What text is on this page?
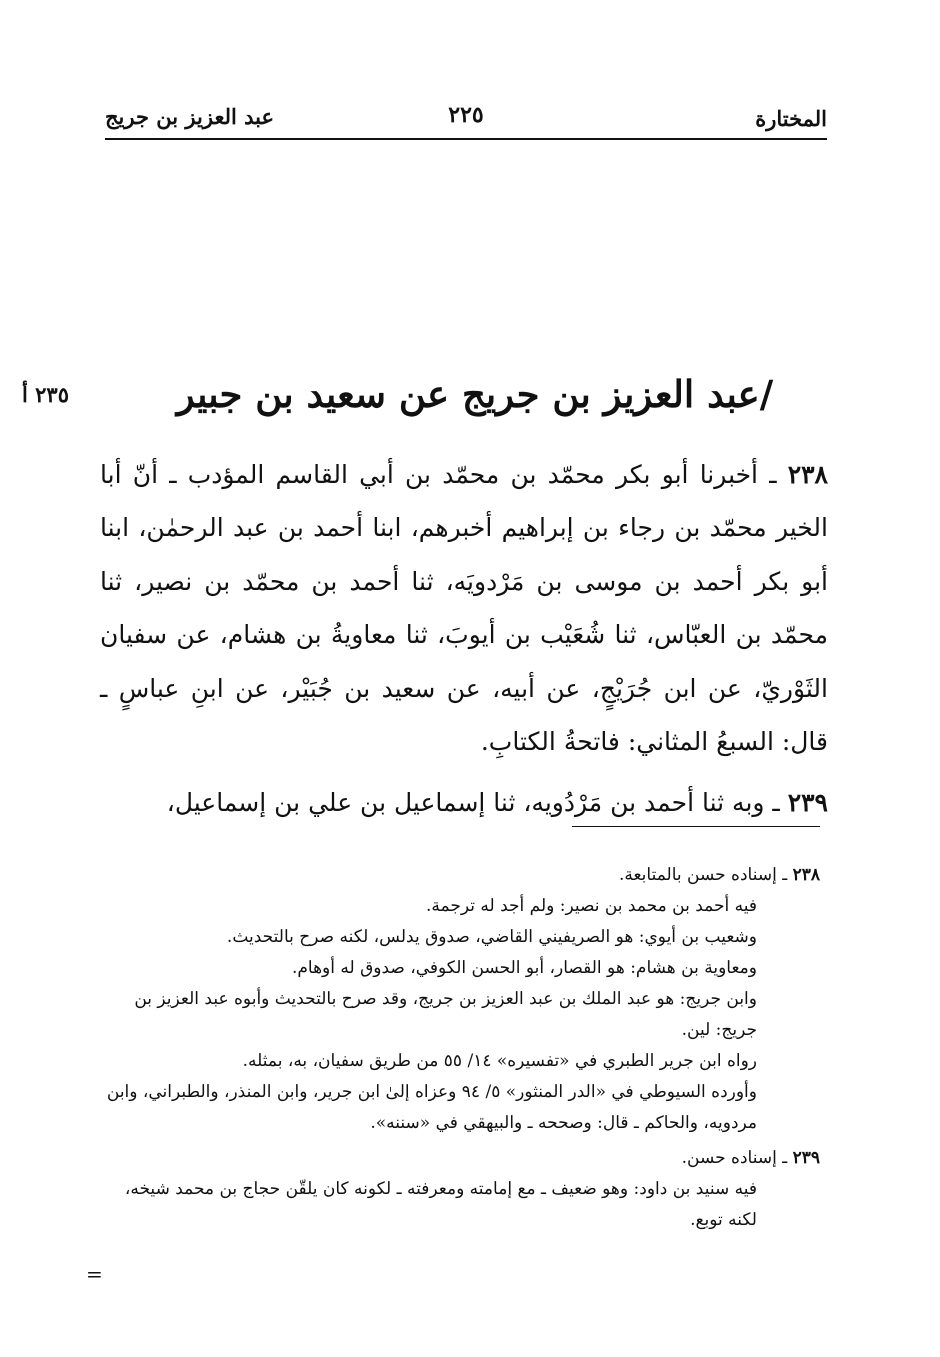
المختارة
٢٢٥
عبد العزيز بن جريج
٢٣٥ أ	/عبد العزيز بن جريج عن سعيد بن جبير

٢٣٨ ـ أخبرنا أبو بكر محمّد بن محمّد بن أبي القاسم المؤدب ـ أنّ أبا الخير محمّد بن رجاء بن إبراهيم أخبرهم، ابنا أحمد بن عبد الرحمٰن، ابنا أبو بكر أحمد بن موسى بن مَرْدويَه، ثنا أحمد بن محمّد بن نصير، ثنا محمّد بن العبّاس، ثنا شُعَيْب بن أيوبَ، ثنا معاويةُ بن هشام، عن سفيان الثَوْريّ، عن ابن جُرَيْجٍ، عن أبيه، عن سعيد بن جُبَيْر، عن ابنِ عباسٍ ـ قال: السبعُ المثاني: فاتحةُ الكتابِ.

٢٣٩ ـ وبه ثنا أحمد بن مَرْدُويه، ثنا إسماعيل بن علي بن إسماعيل،

٢٣٨ ـ إسناده حسن بالمتابعة.

فيه أحمد بن محمد بن نصير: ولم أجد له ترجمة.

وشعيب بن أيوي: هو الصريفيني القاضي، صدوق يدلس، لكنه صرح بالتحديث.

ومعاوية بن هشام: هو القصار، أبو الحسن الكوفي، صدوق له أوهام.

وابن جريج: هو عبد الملك بن عبد العزيز بن جريج، وقد صرح بالتحديث وأبوه عبد العزيز بن جريج: لين.

رواه ابن جرير الطبري في «تفسيره» ١٤/ ٥٥ من طريق سفيان، به، بمثله.

وأورده السيوطي في «الدر المنثور» ٥/ ٩٤ وعزاه إلىٰ ابن جرير، وابن المنذر، والطبراني، وابن مردويه، والحاكم ـ قال: وصححه ـ والبيهقي في «سننه».

٢٣٩ ـ إسناده حسن.

فيه سنيد بن داود: وهو ضعيف ـ مع إمامته ومعرفته ـ لكونه كان يلقّن حجاج بن محمد شيخه، لكنه توبع.

=
